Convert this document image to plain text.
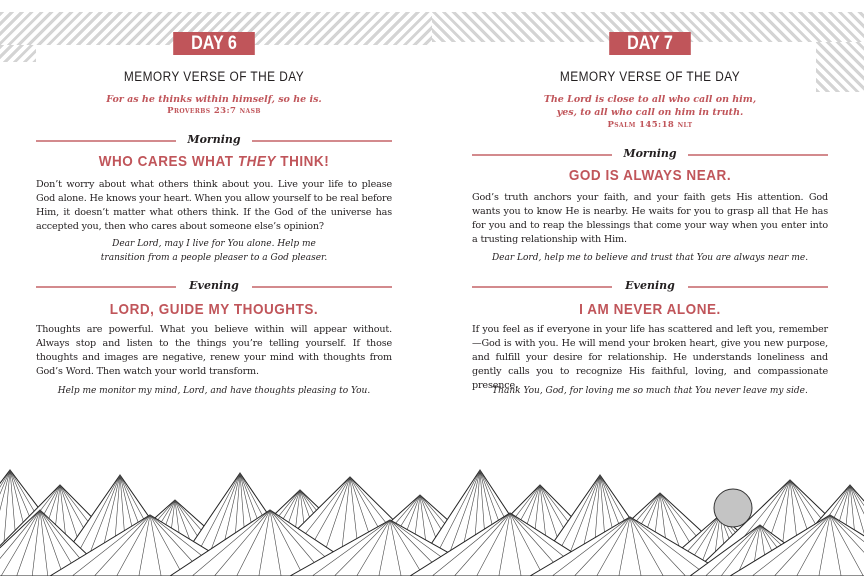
DAY 6
MEMORY VERSE OF THE DAY
For as he thinks within himself, so he is.
Proverbs 23:7 nasb
Morning
WHO CARES WHAT THEY THINK!
Don’t worry about what others think about you. Live your life to please God alone. He knows your heart. When you allow yourself to be real before Him, it doesn’t matter what others think. If the God of the universe has accepted you, then who cares about someone else’s opinion?
Dear Lord, may I live for You alone. Help me
transition from a people pleaser to a God pleaser.
Evening
LORD, GUIDE MY THOUGHTS.
Thoughts are powerful. What you believe within will appear without. Always stop and listen to the things you’re telling yourself. If those thoughts and images are negative, renew your mind with thoughts from God’s Word. Then watch your world transform.
Help me monitor my mind, Lord, and have thoughts pleasing to You.
DAY 7
MEMORY VERSE OF THE DAY
The Lord is close to all who call on him,
yes, to all who call on him in truth.
Psalm 145:18 nlt
Morning
GOD IS ALWAYS NEAR.
God’s truth anchors your faith, and your faith gets His attention. God wants you to know He is nearby. He waits for you to grasp all that He has for you and to reap the blessings that come your way when you enter into a trusting relationship with Him.
Dear Lord, help me to believe and trust that You are always near me.
Evening
I AM NEVER ALONE.
If you feel as if everyone in your life has scattered and left you, remember—God is with you. He will mend your broken heart, give you new purpose, and fulfill your desire for relationship. He understands loneliness and gently calls you to recognize His faithful, loving, and compassionate presence.
Thank You, God, for loving me so much that You never leave my side.
